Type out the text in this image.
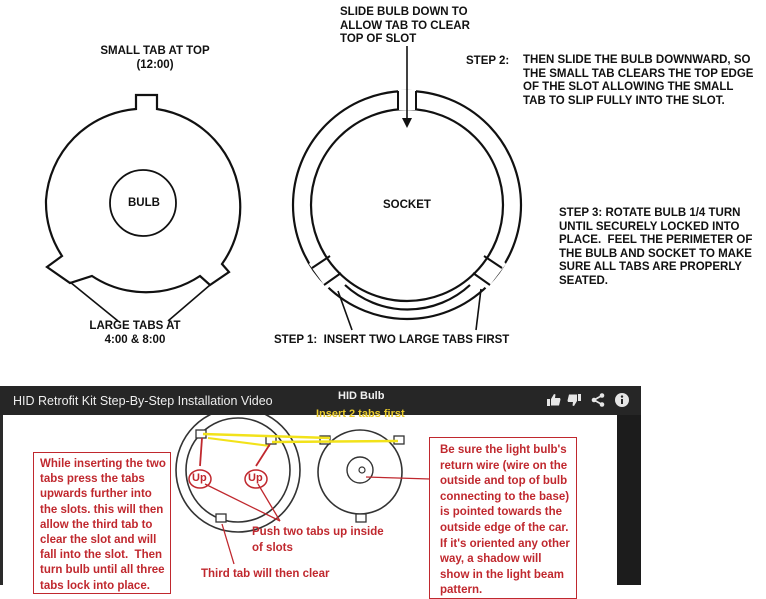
SMALL TAB AT TOP
(12:00)

BULB

LARGE TABS AT
4:00 & 8:00

SLIDE BULB DOWN TO
ALLOW TAB TO CLEAR
TOP OF SLOT

SOCKET

STEP 1:  INSERT TWO LARGE TABS FIRST

STEP 2: THEN SLIDE THE BULB DOWNWARD, SO
THE SMALL TAB CLEARS THE TOP EDGE
OF THE SLOT ALLOWING THE SMALL
TAB TO SLIP FULLY INTO THE SLOT.

STEP 3: ROTATE BULB 1/4 TURN
UNTIL SECURELY LOCKED INTO
PLACE.  FEEL THE PERIMETER OF
THE BULB AND SOCKET TO MAKE
SURE ALL TABS ARE PROPERLY
SEATED.

HID Bulb

Insert 2 tabs first

While inserting the two
tabs press the tabs
upwards further into
the slots. this will then
allow the third tab to
clear the slot and will
fall into the slot.  Then
turn bulb until all three
tabs lock into place.

Up	Up

Push two tabs up inside
of slots

Third tab will then clear

Be sure the light bulb's
return wire (wire on the
outside and top of bulb
connecting to the base)
is pointed towards the
outside edge of the car.
If it's oriented any other
way, a shadow will
show in the light beam
pattern.

HID Retrofit Kit Step-By-Step Installation Video
